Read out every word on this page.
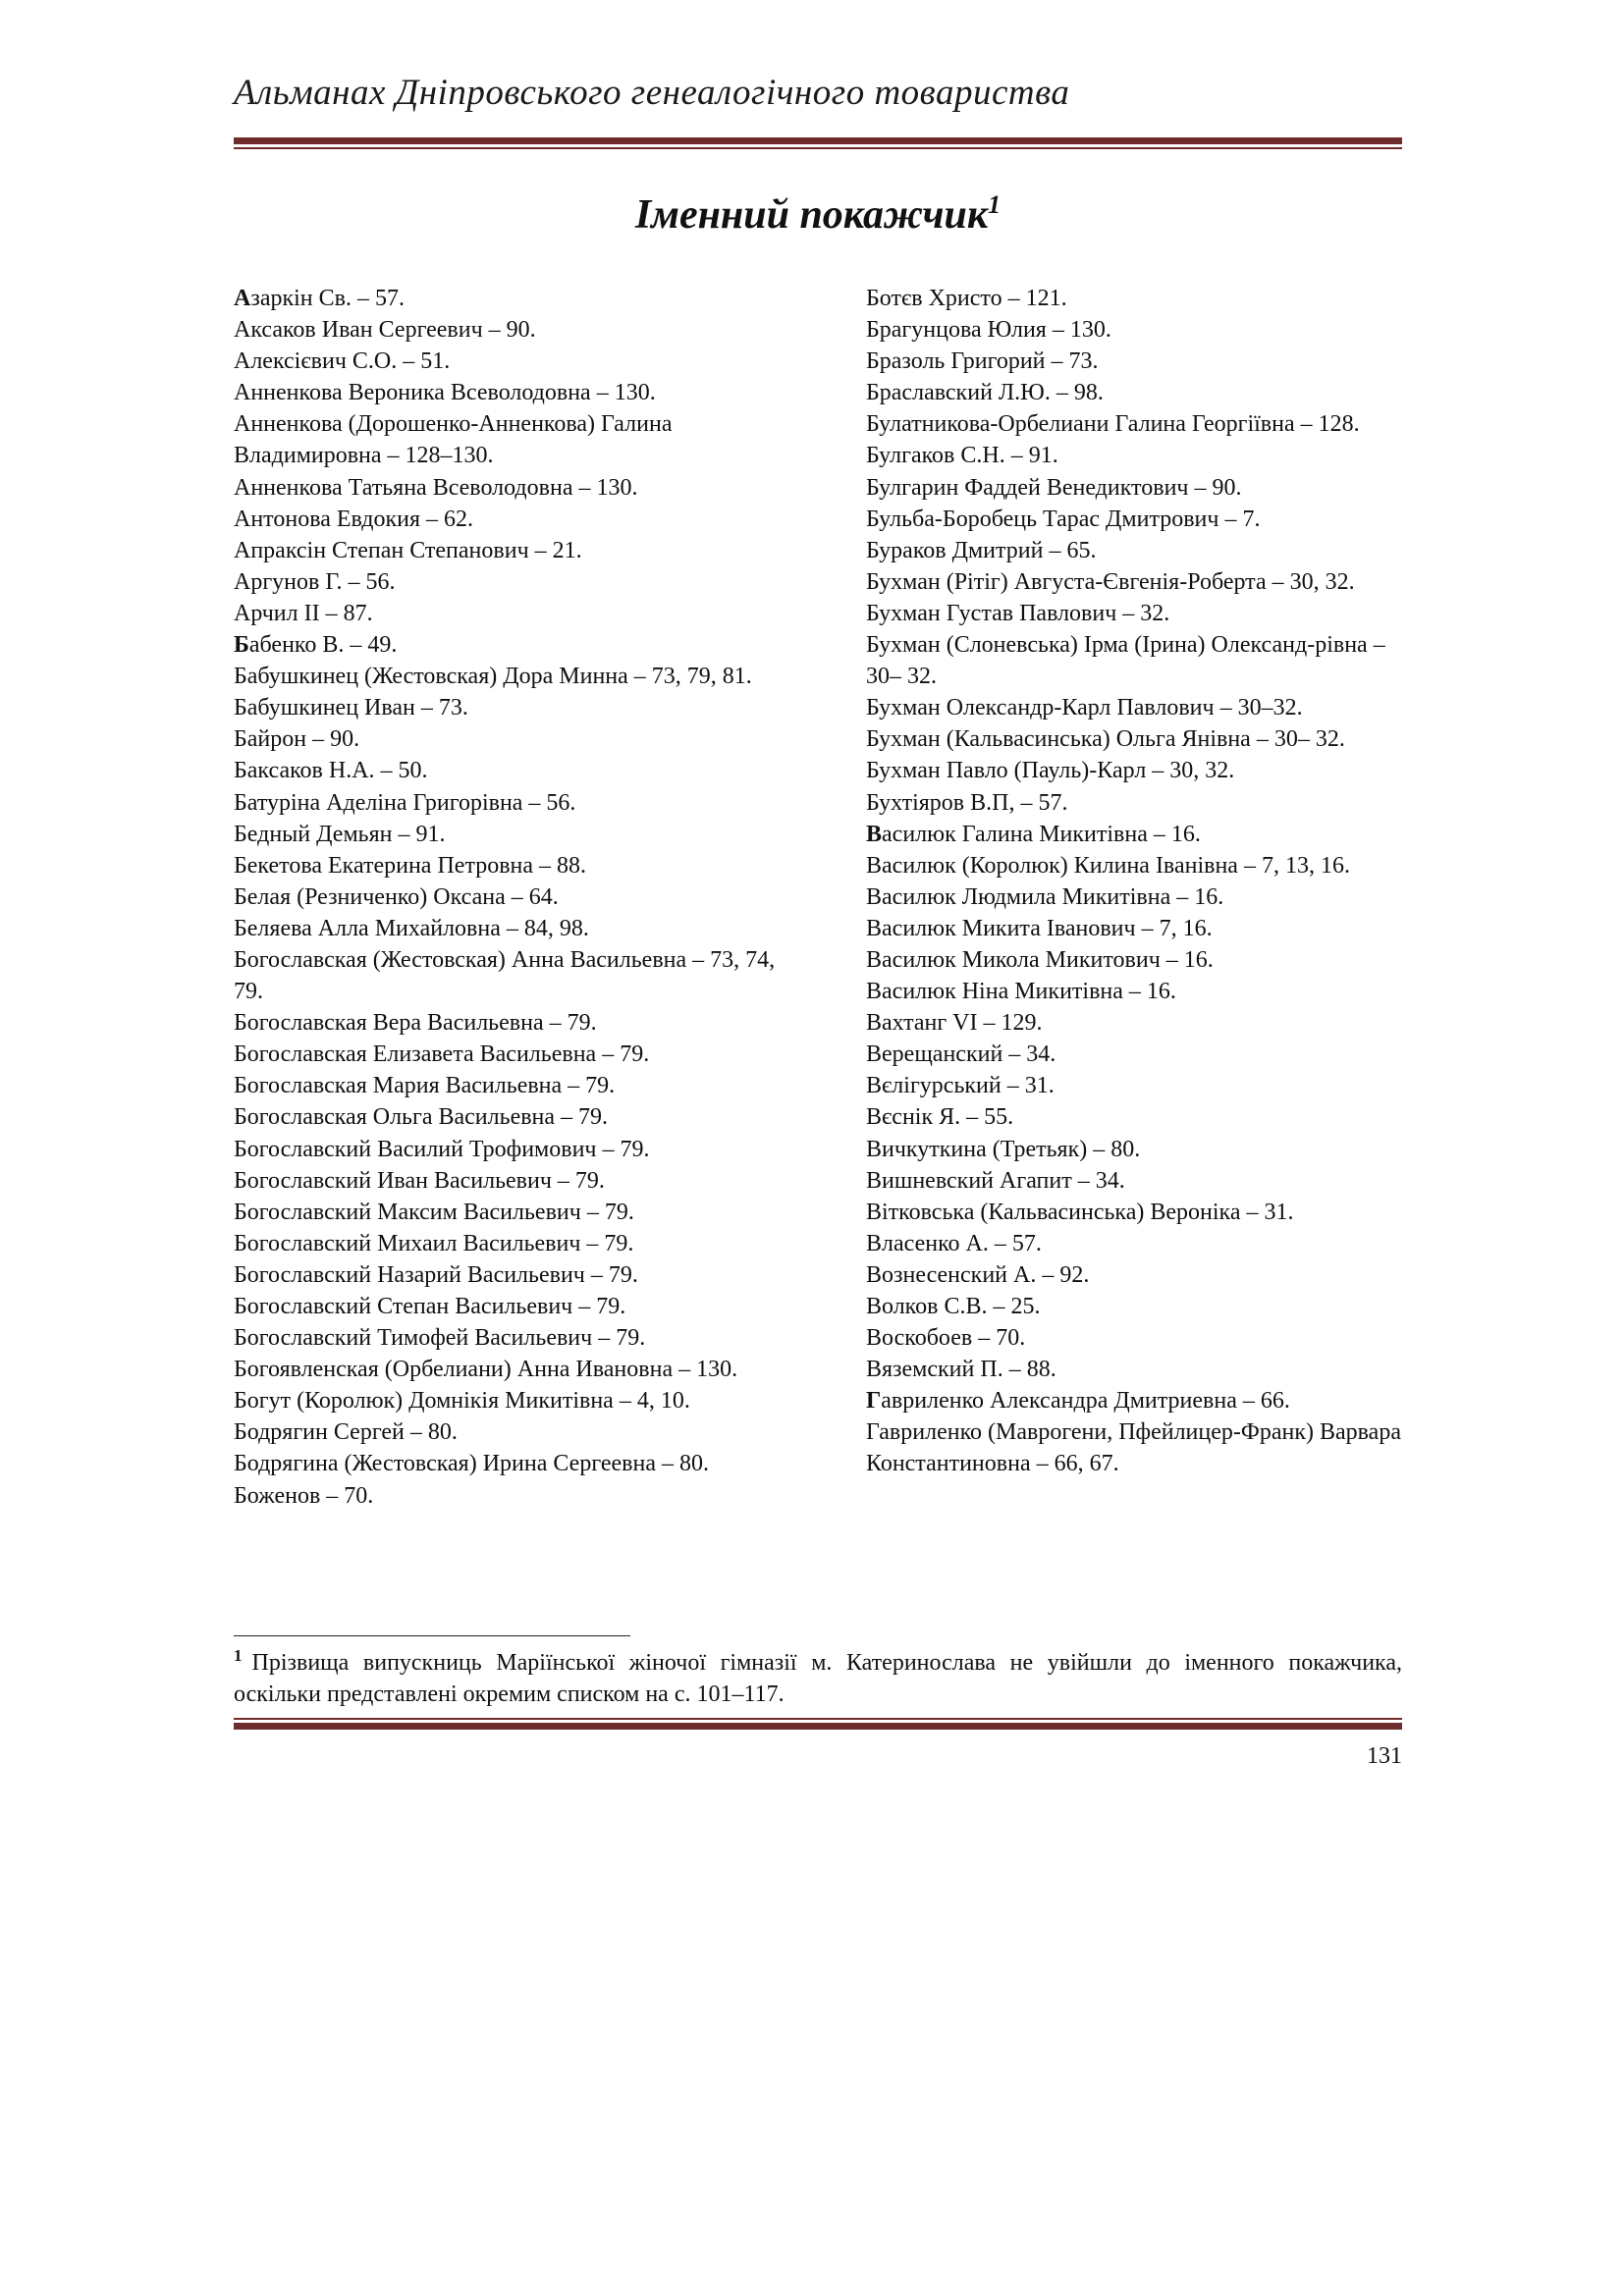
Альманах Дніпровського генеалогічного товариства
Іменний покажчик$^1$
Азаркін Св. – 57.
Аксаков Иван Сергеевич – 90.
Алексієвич С.О. – 51.
Анненкова Вероника Всеволодовна – 130.
Анненкова (Дорошенко-Анненкова) Галина Владимировна – 128–130.
Анненкова Татьяна Всеволодовна – 130.
Антонова Евдокия – 62.
Апраксін Степан Степанович – 21.
Аргунов Г. – 56.
Арчил ІІ – 87.
Бабенко В. – 49.
Бабушкинец (Жестовская) Дора Минна – 73, 79, 81.
Бабушкинец Иван – 73.
Байрон – 90.
Баксаков Н.А. – 50.
Батуріна Аделіна Григорівна – 56.
Бедный Демьян – 91.
Бекетова Екатерина Петровна – 88.
Белая (Резниченко) Оксана – 64.
Беляева Алла Михайловна – 84, 98.
Богославская (Жестовская) Анна Васильевна – 73, 74, 79.
Богославская Вера Васильевна – 79.
Богославская Елизавета Васильевна – 79.
Богославская Мария Васильевна – 79.
Богославская Ольга Васильевна – 79.
Богославский Василий Трофимович – 79.
Богославский Иван Васильевич – 79.
Богославский Максим Васильевич – 79.
Богославский Михаил Васильевич – 79.
Богославский Назарий Васильевич – 79.
Богославский Степан Васильевич – 79.
Богославский Тимофей Васильевич – 79.
Богоявленская (Орбелиани) Анна Ивановна – 130.
Богут (Королюк) Домнікія Микитівна – 4, 10.
Бодрягин Сергей – 80.
Бодрягина (Жестовская) Ирина Сергеевна – 80.
Боженов – 70.
Ботєв Христо – 121.
Брагунцова Юлия – 130.
Бразоль Григорий – 73.
Браславский Л.Ю. – 98.
Булатникова-Орбелиани Галина Георгіївна – 128.
Булгаков С.Н. – 91.
Булгарин Фаддей Венедиктович – 90.
Бульба-Боробець Тарас Дмитрович – 7.
Бураков Дмитрий – 65.
Бухман (Рітіг) Августа-Євгенія-Роберта – 30, 32.
Бухман Густав Павлович – 32.
Бухман (Слоневська) Ірма (Ірина) Олександ-рівна – 30– 32.
Бухман Олександр-Карл Павлович – 30–32.
Бухман (Кальвасинська) Ольга Янівна – 30– 32.
Бухман Павло (Пауль)-Карл – 30, 32.
Бухтіяров В.П, – 57.
Василюк Галина Микитівна – 16.
Василюк (Королюк) Килина Іванівна – 7, 13, 16.
Василюк Людмила Микитівна – 16.
Василюк Микита Іванович – 7, 16.
Василюк Микола Микитович – 16.
Василюк Ніна Микитівна – 16.
Вахтанг VI – 129.
Верещанский – 34.
Вєлігурський – 31.
Вєснік Я. – 55.
Вичкуткина (Третьяк) – 80.
Вишневский Агапит – 34.
Вітковська (Кальвасинська) Вероніка – 31.
Власенко А. – 57.
Вознесенский А. – 92.
Волков С.В. – 25.
Воскобоев – 70.
Вяземский П. – 88.
Гавриленко Александра Дмитриевна – 66.
Гавриленко (Маврогени, Пфейлицер-Франк) Варвара Константиновна – 66, 67.
$^1$ Прізвища випускниць Маріїнської жіночої гімназії м. Катеринослава не увійшли до іменного покажчика, оскільки представлені окремим списком на с. 101–117.
131
